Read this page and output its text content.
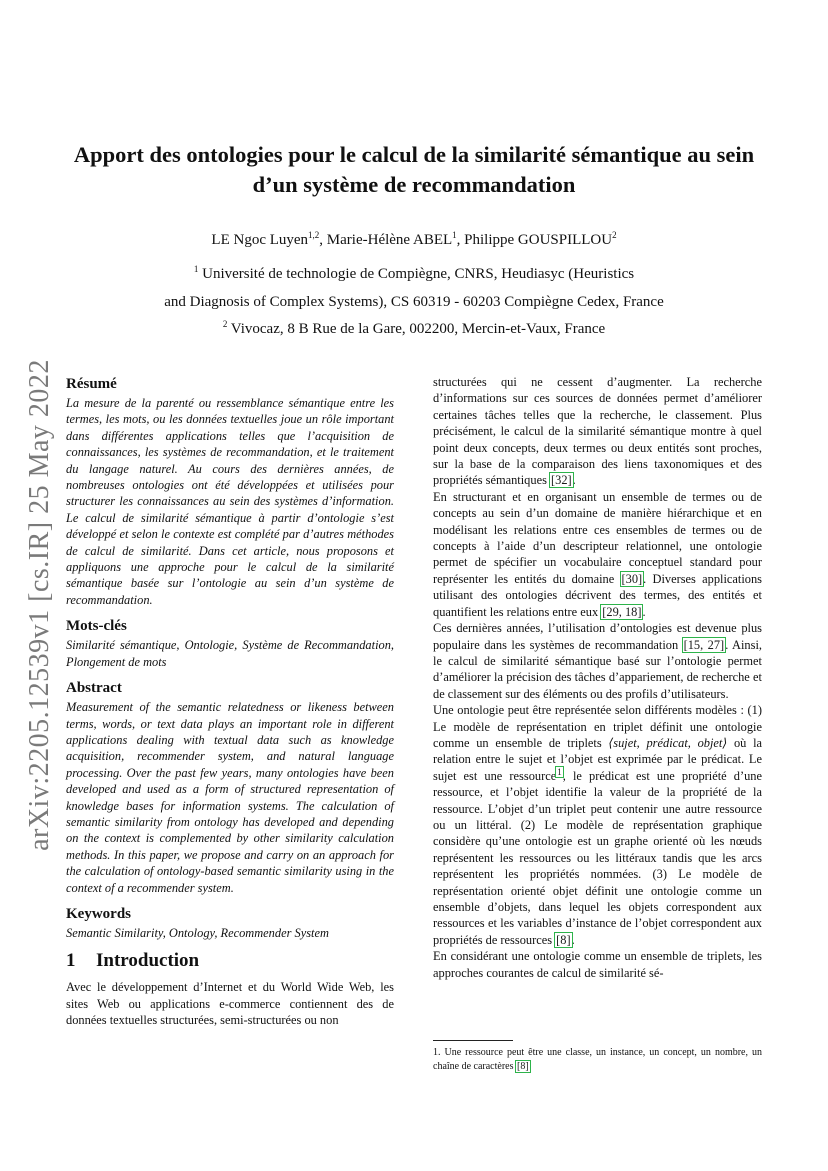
arXiv:2205.12539v1 [cs.IR] 25 May 2022
Apport des ontologies pour le calcul de la similarité sémantique au sein d’un système de recommandation
LE Ngoc Luyen$^{1,2}$, Marie-Hélène ABEL$^1$, Philippe GOUSPILLOU$^2$
$^1$ Université de technologie de Compiègne, CNRS, Heudiasyc (Heuristics
and Diagnosis of Complex Systems), CS 60319 - 60203 Compiègne Cedex, France
$^2$ Vivocaz, 8 B Rue de la Gare, 002200, Mercin-et-Vaux, France
Résumé

La mesure de la parenté ou ressemblance sémantique entre les termes, les mots, ou les données textuelles joue un rôle important dans différentes applications telles que l’acquisition de connaissances, les systèmes de recommandation, et le traitement du langage naturel. Au cours des dernières années, de nombreuses ontologies ont été développées et utilisées pour structurer les connaissances au sein des systèmes d’information. Le calcul de similarité sémantique à partir d’ontologie s’est développé et selon le contexte est complété par d’autres méthodes de calcul de similarité. Dans cet article, nous proposons et appliquons une approche pour le calcul de la similarité sémantique basée sur l’ontologie au sein d’un système de recommandation.

Mots-clés

Similarité sémantique, Ontologie, Système de Recommandation, Plongement de mots

Abstract

Measurement of the semantic relatedness or likeness between terms, words, or text data plays an important role in different applications dealing with textual data such as knowledge acquisition, recommender system, and natural language processing. Over the past few years, many ontologies have been developed and used as a form of structured representation of knowledge bases for information systems. The calculation of semantic similarity from ontology has developed and depending on the context is complemented by other similarity calculation methods. In this paper, we propose and carry on an approach for the calculation of ontology-based semantic similarity using in the context of a recommender system.

Keywords

Semantic Similarity, Ontology, Recommender System

1 Introduction

Avec le développement d’Internet et du World Wide Web, les sites Web ou applications e-commerce contiennent des de données textuelles structurées, semi-structurées ou non

structurées qui ne cessent d’augmenter. La recherche d’informations sur ces sources de données permet d’améliorer certaines tâches telles que la recherche, le classement. Plus précisément, le calcul de la similarité sémantique montre à quel point deux concepts, deux termes ou deux entités sont proches, sur la base de la comparaison des liens taxonomiques et des propriétés sémantiques [32].

En structurant et en organisant un ensemble de termes ou de concepts au sein d’un domaine de manière hiérarchique et en modélisant les relations entre ces ensembles de termes ou de concepts à l’aide d’un descripteur relationnel, une ontologie permet de spécifier un vocabulaire conceptuel standard pour représenter les entités du domaine [30]. Diverses applications utilisant des ontologies décrivent des termes, des entités et quantifient les relations entre eux [29, 18].

Ces dernières années, l’utilisation d’ontologies est devenue plus populaire dans les systèmes de recommandation [15, 27]. Ainsi, le calcul de similarité sémantique basé sur l’ontologie permet d’améliorer la précision des tâches d’appariement, de recherche et de classement sur des éléments ou des profils d’utilisateurs.

Une ontologie peut être représentée selon différents modèles : (1) Le modèle de représentation en triplet définit une ontologie comme un ensemble de triplets ⟨sujet, prédicat, objet⟩ où la relation entre le sujet et l’objet est exprimée par le prédicat. Le sujet est une ressource$^1$, le prédicat est une propriété d’une ressource, et l’objet identifie la valeur de la propriété de la ressource. L’objet d’un triplet peut contenir une autre ressource ou un littéral. (2) Le modèle de représentation graphique considère qu’une ontologie est un graphe orienté où les nœuds représentent les ressources ou les littéraux tandis que les arcs représentent les propriétés nommées. (3) Le modèle de représentation orienté objet définit une ontologie comme un ensemble d’objets, dans lequel les objets correspondent aux ressources et les variables d’instance de l’objet correspondent aux propriétés de ressources [8].

En considérant une ontologie comme un ensemble de triplets, les approches courantes de calcul de similarité sé-

1. Une ressource peut être une classe, un instance, un concept, un nombre, un chaîne de caractères [8]
